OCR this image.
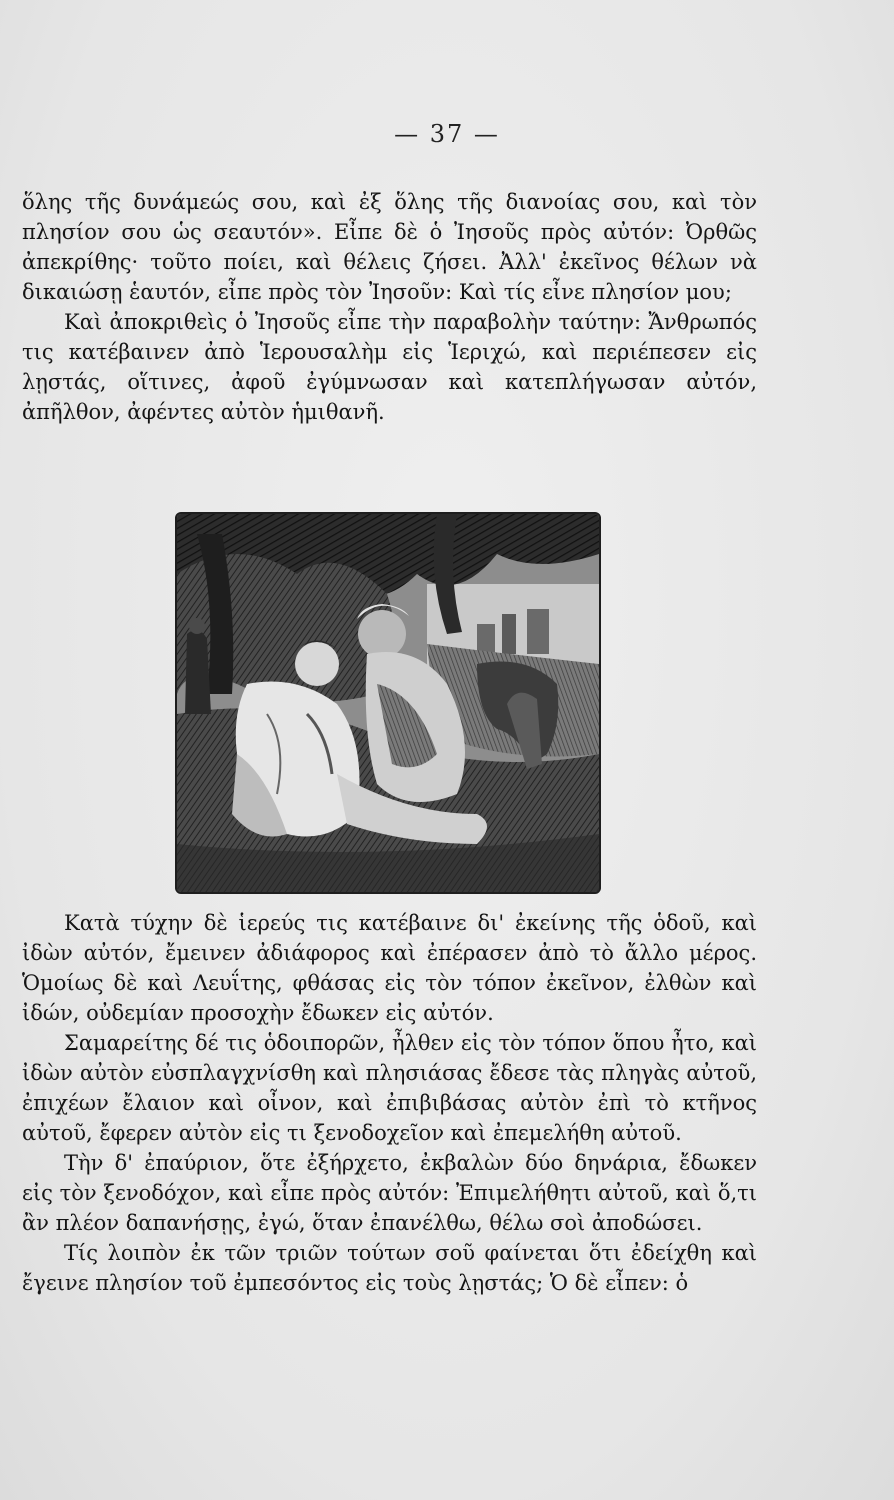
— 37 —

ὅλης τῆς δυνάμεώς σου, καὶ ἐξ ὅλης τῆς διανοίας σου, καὶ τὸν πλησίον σου ὡς σεαυτόν». Εἶπε δὲ ὁ Ἰησοῦς πρὸς αὐτόν: Ὀρθῶς ἀπεκρίθης· τοῦτο ποίει, καὶ θέλεις ζήσει. Ἀλλ' ἐκεῖνος θέλων νὰ δικαιώσῃ ἑαυτόν, εἶπε πρὸς τὸν Ἰησοῦν: Καὶ τίς εἶνε πλησίον μου;

Καὶ ἀποκριθεὶς ὁ Ἰησοῦς εἶπε τὴν παραβολὴν ταύτην: Ἄνθρωπός τις κατέβαινεν ἀπὸ Ἱερουσαλὴμ εἰς Ἱεριχώ, καὶ περιέπεσεν εἰς λῃστάς, οἵτινες, ἀφοῦ ἐγύμνωσαν καὶ κατεπλήγωσαν αὐτόν, ἀπῆλθον, ἀφέντες αὐτὸν ἡμιθανῆ.

Κατὰ τύχην δὲ ἱερεύς τις κατέβαινε δι' ἐκείνης τῆς ὁδοῦ, καὶ ἰδὼν αὐτόν, ἔμεινεν ἀδιάφορος καὶ ἐπέρασεν ἀπὸ τὸ ἄλλο μέρος. Ὁμοίως δὲ καὶ Λευΐτης, φθάσας εἰς τὸν τόπον ἐκεῖνον, ἐλθὼν καὶ ἰδών, οὐδεμίαν προσοχὴν ἔδωκεν εἰς αὐτόν.

Σαμαρείτης δέ τις ὁδοιπορῶν, ἦλθεν εἰς τὸν τόπον ὅπου ἦτο, καὶ ἰδὼν αὐτὸν εὐσπλαγχνίσθη καὶ πλησιάσας ἔδεσε τὰς πληγὰς αὐτοῦ, ἐπιχέων ἔλαιον καὶ οἶνον, καὶ ἐπιβιβάσας αὐτὸν ἐπὶ τὸ κτῆνος αὐτοῦ, ἔφερεν αὐτὸν εἰς τι ξενοδοχεῖον καὶ ἐπεμελήθη αὐτοῦ.

Τὴν δ' ἐπαύριον, ὅτε ἐξήρχετο, ἐκβαλὼν δύο δηνάρια, ἔδωκεν εἰς τὸν ξενοδόχον, καὶ εἶπε πρὸς αὐτόν: Ἐπιμελήθητι αὐτοῦ, καὶ ὅ,τι ἂν πλέον δαπανήσῃς, ἐγώ, ὅταν ἐπανέλθω, θέλω σοὶ ἀποδώσει.

Τίς λοιπὸν ἐκ τῶν τριῶν τούτων σοῦ φαίνεται ὅτι ἐδείχθη καὶ ἔγεινε πλησίον τοῦ ἐμπεσόντος εἰς τοὺς λῃστάς; Ὁ δὲ εἶπεν: ὁ
